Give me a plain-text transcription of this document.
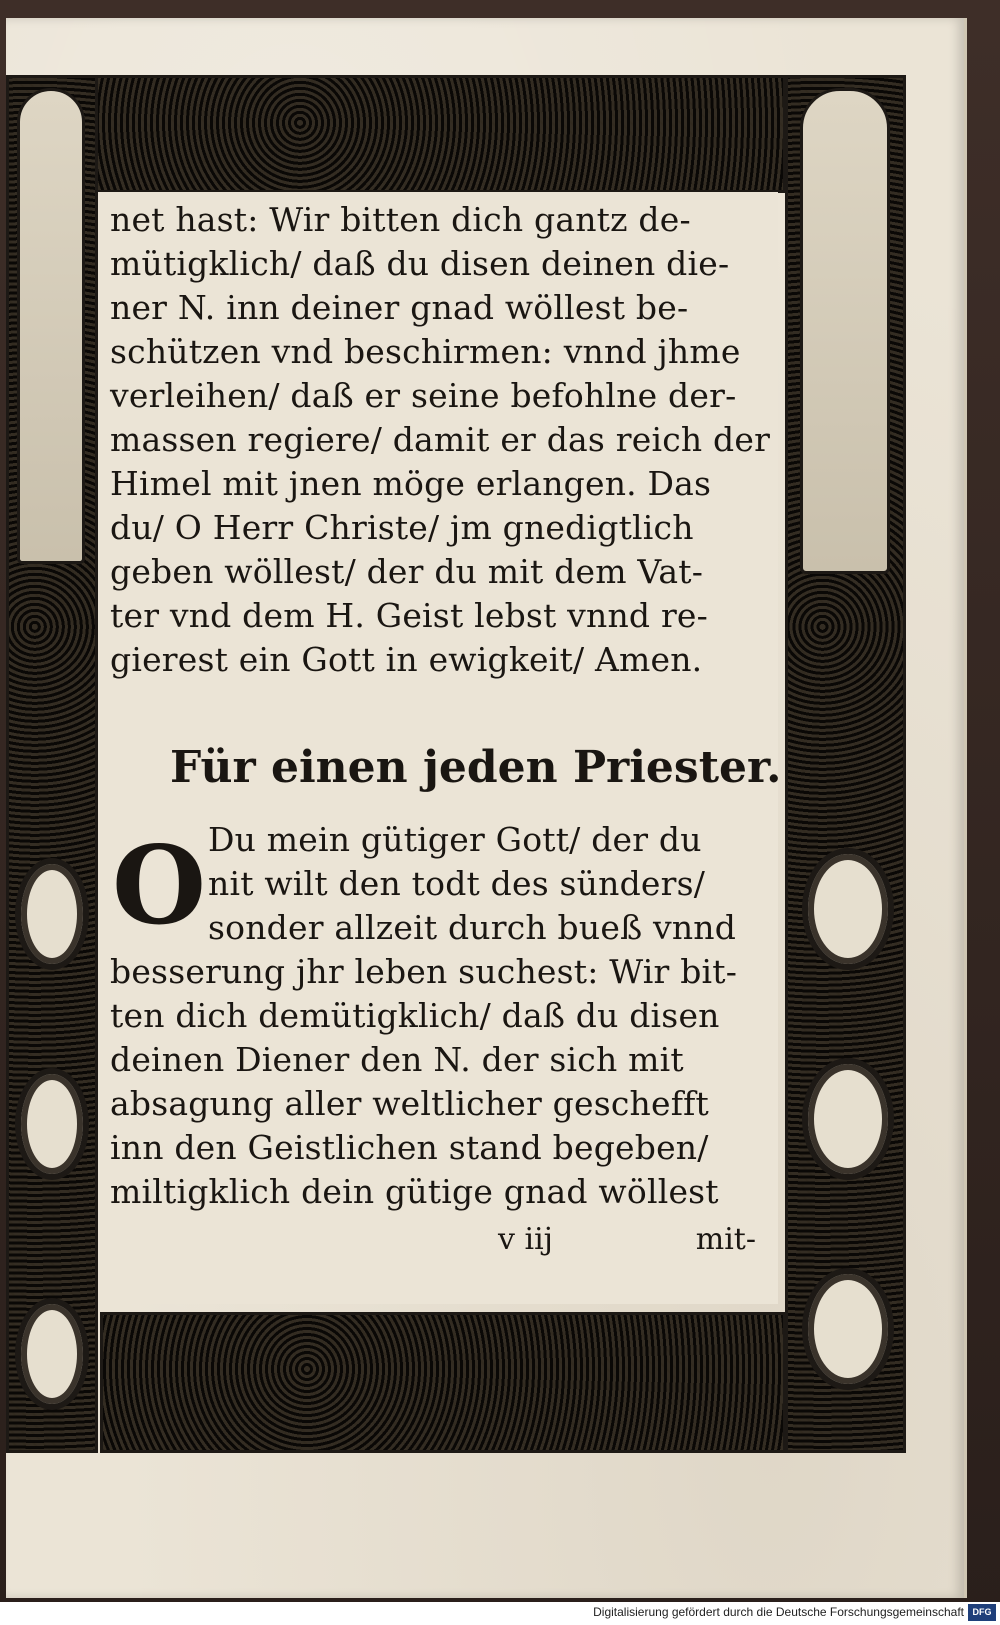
net hast: Wir bitten dich gantz de-
mütigklich/ daß du disen deinen die-
ner N. inn deiner gnad wöllest be-
schützen vnd beschirmen: vnnd jhme
verleihen/ daß er seine befohlne der-
massen regiere/ damit er das reich der
Himel mit jnen möge erlangen. Das
du/ O Herr Christe/ jm gnedigtlich
geben wöllest/ der du mit dem Vat-
ter vnd dem H. Geist lebst vnnd re-
gierest ein Gott in ewigkeit/ Amen.
Für einen jeden Priester.
O Du mein gütiger Gott/ der du
nit wilt den todt des sünders/
sonder allzeit durch bueß vnnd
besserung jhr leben suchest: Wir bit-
ten dich demütigklich/ daß du disen
deinen Diener den N. der sich mit
absagung aller weltlicher geschefft
inn den Geistlichen stand begeben/
miltigklich dein gütige gnad wöllest
v iij	mit-
Digitalisierung gefördert durch die Deutsche Forschungsgemeinschaft DFG
